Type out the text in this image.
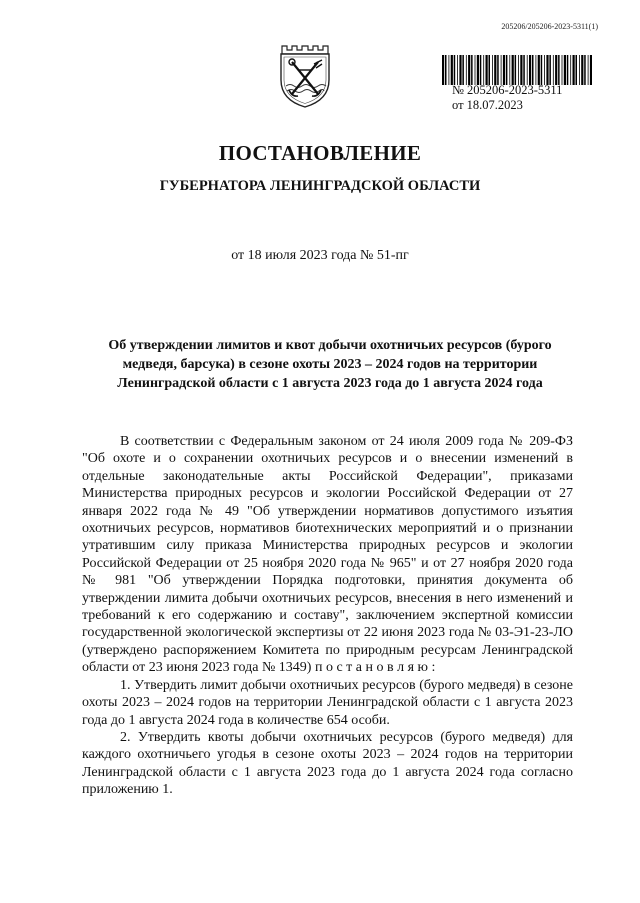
205206/205206-2023-5311(1)
№ 205206-2023-5311
от 18.07.2023
ПОСТАНОВЛЕНИЕ
ГУБЕРНАТОРА ЛЕНИНГРАДСКОЙ ОБЛАСТИ
от 18 июля 2023 года № 51-пг
Об утверждении лимитов и квот добычи охотничьих ресурсов (бурого медведя, барсука) в сезоне охоты 2023 – 2024 годов на территории Ленинградской области с 1 августа 2023 года до 1 августа 2024 года

В соответствии с Федеральным законом от 24 июля 2009 года № 209-ФЗ "Об охоте и о сохранении охотничьих ресурсов и о внесении изменений в отдельные законодательные акты Российской Федерации", приказами Министерства природных ресурсов и экологии Российской Федерации от 27 января 2022 года № 49 "Об утверждении нормативов допустимого изъятия охотничьих ресурсов, нормативов биотехнических мероприятий и о признании утратившим силу приказа Министерства природных ресурсов и экологии Российской Федерации от 25 ноября 2020 года № 965" и от 27 ноября 2020 года № 981 "Об утверждении Порядка подготовки, принятия документа об утверждении лимита добычи охотничьих ресурсов, внесения в него изменений и требований к его содержанию и составу", заключением экспертной комиссии государственной экологической экспертизы от 22 июня 2023 года № 03-Э1-23-ЛО (утверждено распоряжением Комитета по природным ресурсам Ленинградской области от 23 июня 2023 года № 1349) п о с т а н о в л я ю :

1. Утвердить лимит добычи охотничьих ресурсов (бурого медведя) в сезоне охоты 2023 – 2024 годов на территории Ленинградской области с 1 августа 2023 года до 1 августа 2024 года в количестве 654 особи.

2. Утвердить квоты добычи охотничьих ресурсов (бурого медведя) для каждого охотничьего угодья в сезоне охоты 2023 – 2024 годов на территории Ленинградской области с 1 августа 2023 года до 1 августа 2024 года согласно приложению 1.
